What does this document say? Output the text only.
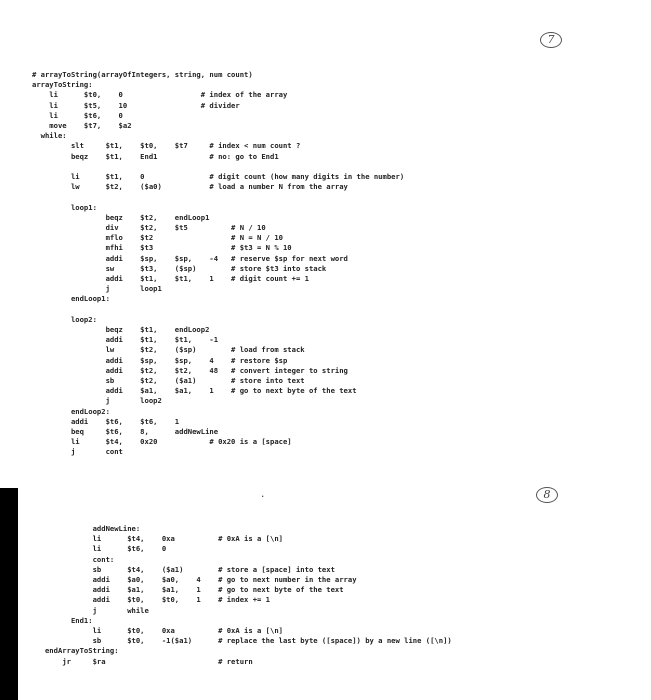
7
8
.
# arrayToString(arrayOfIntegers, string, num count)
arrayToString:
li      $t0,    0                  # index of the array
li      $t5,    10                 # divider
li      $t6,    0
move    $t7,    $a2
while:
slt     $t1,    $t0,    $t7     # index < num count ?
beqz    $t1,    End1            # no: go to End1
li      $t1,    0               # digit count (how many digits in the number)
lw      $t2,    ($a0)           # load a number N from the array
loop1:
beqz    $t2,    endLoop1
div     $t2,    $t5          # N / 10
mflo    $t2                  # N = N / 10
mfhi    $t3                  # $t3 = N % 10
addi    $sp,    $sp,    -4   # reserve $sp for next word
sw      $t3,    ($sp)        # store $t3 into stack
addi    $t1,    $t1,    1    # digit count += 1
j       loop1
endLoop1:
loop2:
beqz    $t1,    endLoop2
addi    $t1,    $t1,    -1
lw      $t2,    ($sp)        # load from stack
addi    $sp,    $sp,    4    # restore $sp
addi    $t2,    $t2,    48   # convert integer to string
sb      $t2,    ($a1)        # store into text
addi    $a1,    $a1,    1    # go to next byte of the text
j       loop2
endLoop2:
addi    $t6,    $t6,    1
beq     $t6,    8,      addNewLine
li      $t4,    0x20            # 0x20 is a [space]
j       cont
addNewLine:
li      $t4,    0xa          # 0xA is a [\n]
li      $t6,    0
cont:
sb      $t4,    ($a1)        # store a [space] into text
addi    $a0,    $a0,    4    # go to next number in the array
addi    $a1,    $a1,    1    # go to next byte of the text
addi    $t0,    $t0,    1    # index += 1
j       while
End1:
li      $t0,    0xa          # 0xA is a [\n]
sb      $t0,    -1($a1)      # replace the last byte ([space]) by a new line ([\n])
endArrayToString:
jr     $ra                          # return
